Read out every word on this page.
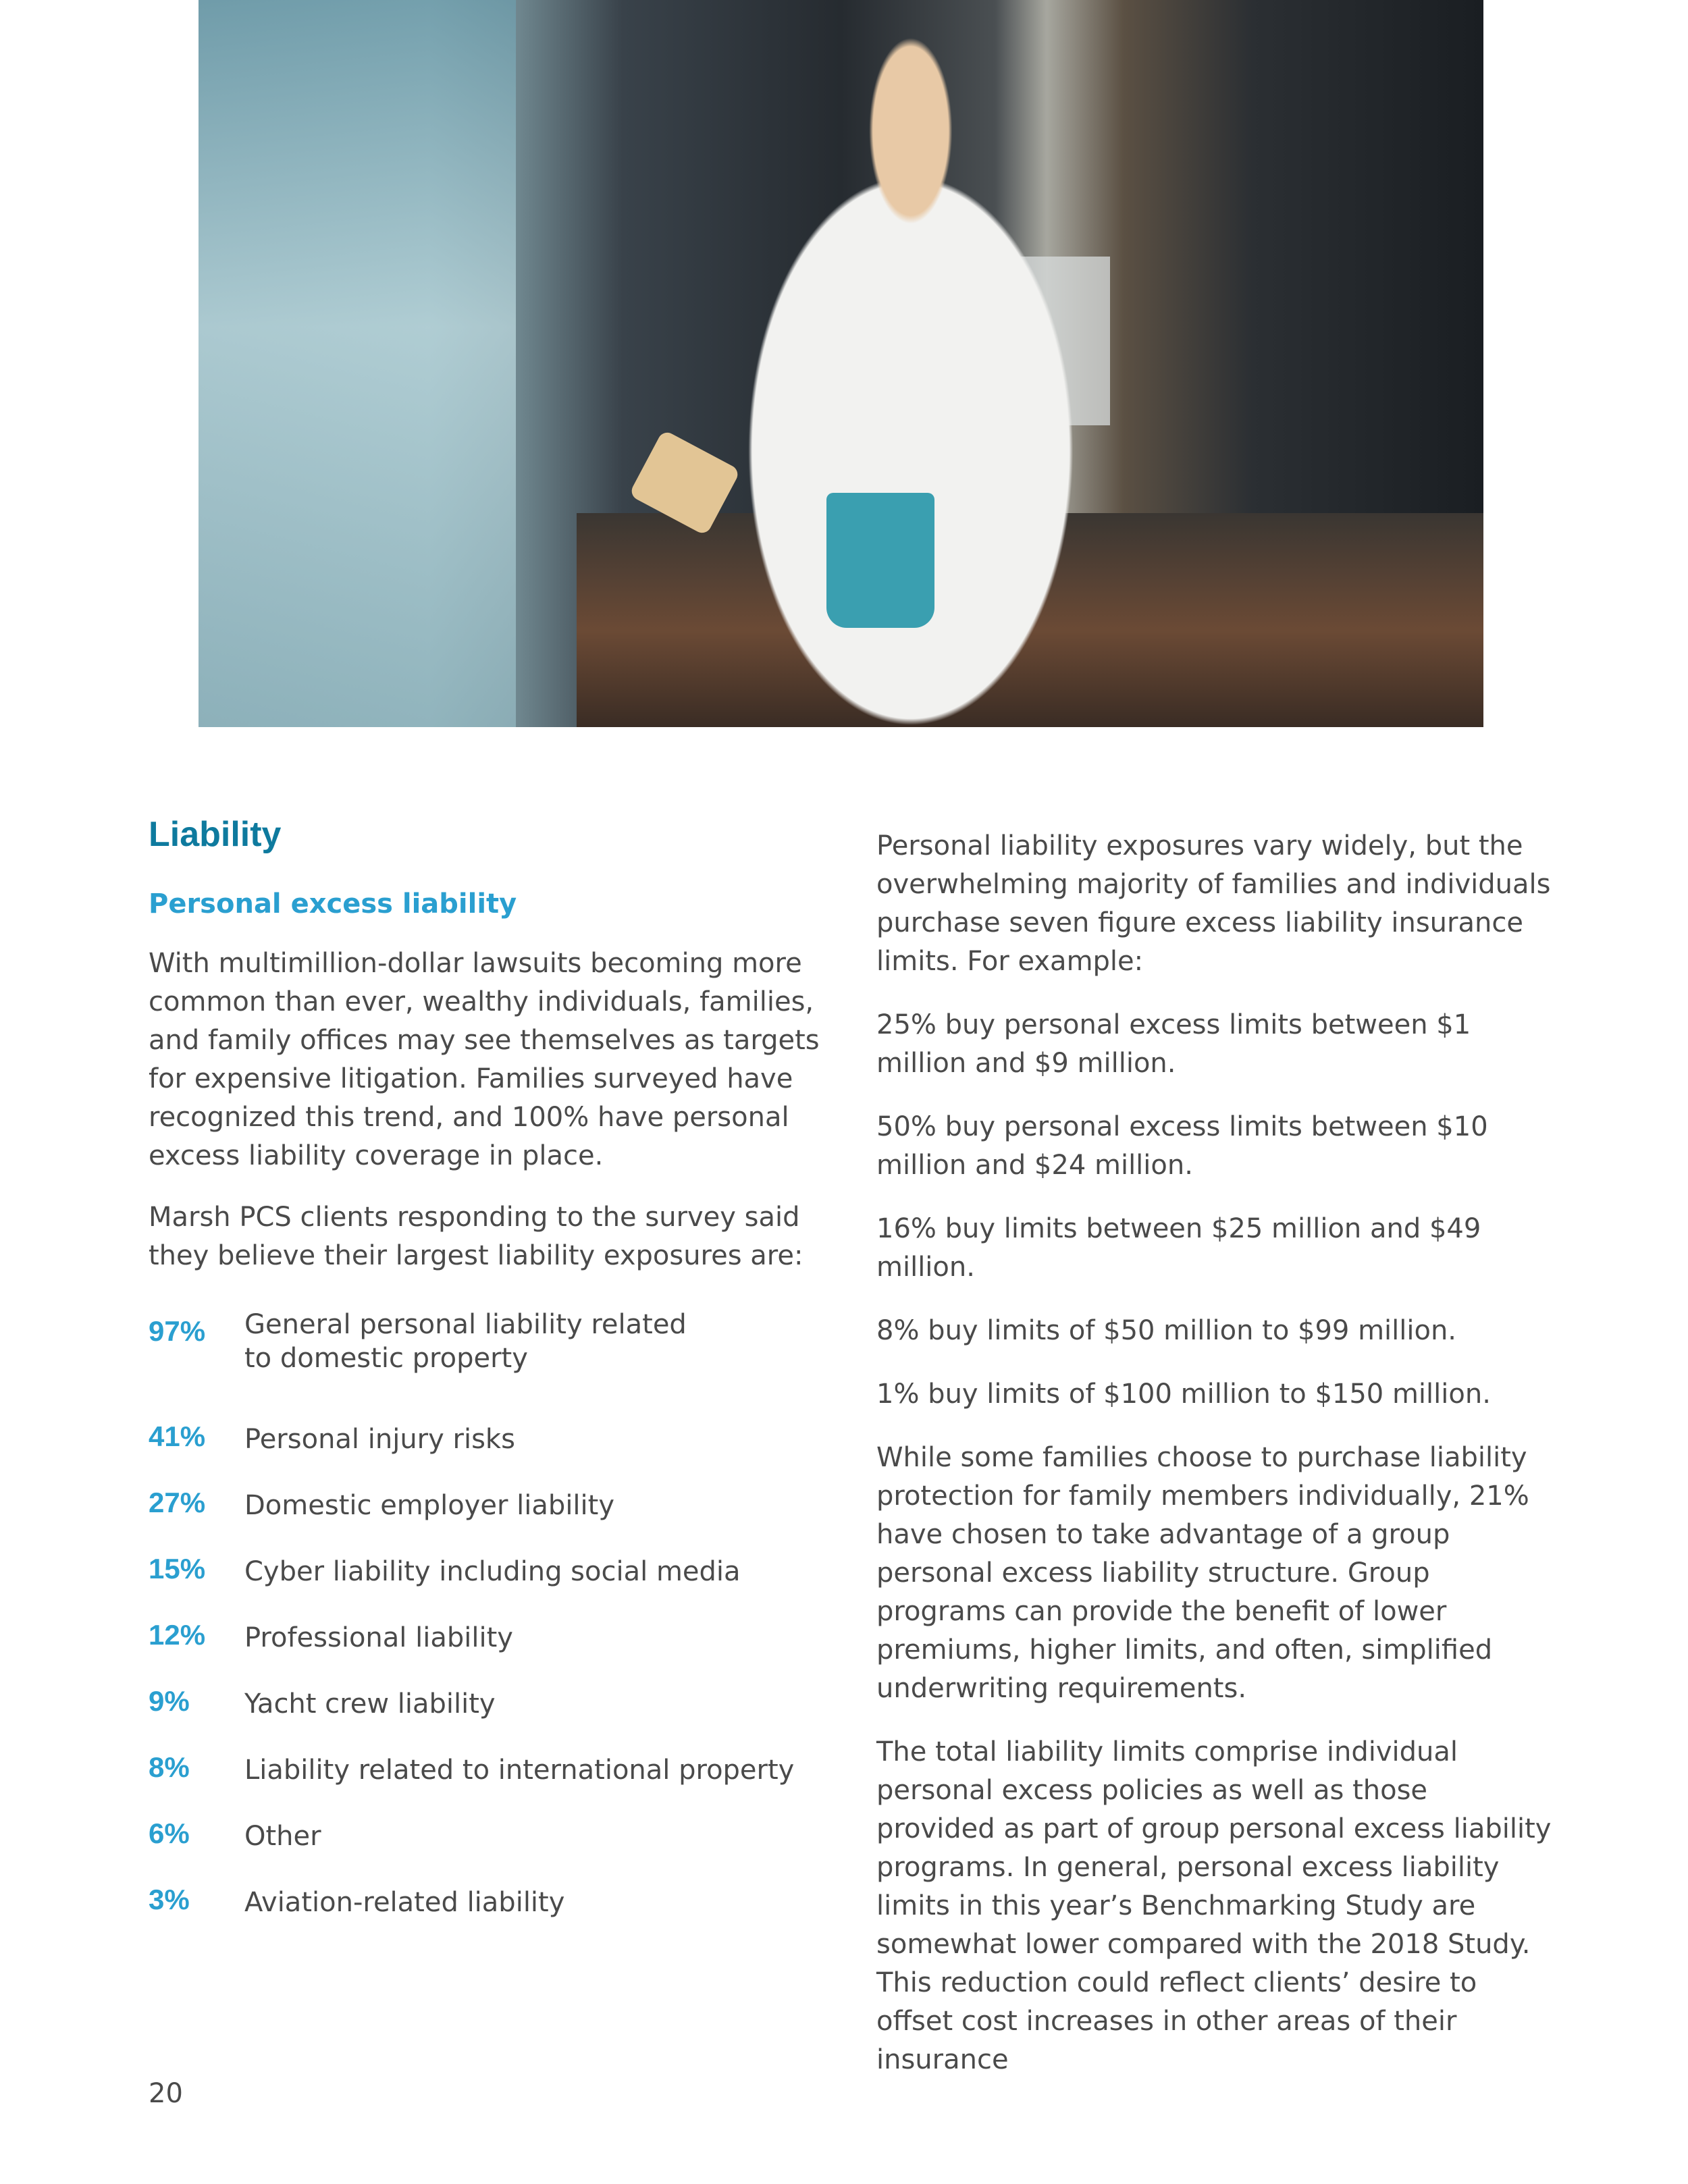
Liability
Personal excess liability

With multimillion-dollar lawsuits becoming more common than ever, wealthy individuals, families, and family offices may see themselves as targets for expensive litigation. Families surveyed have recognized this trend, and 100% have personal excess liability coverage in place.

Marsh PCS clients responding to the survey said they believe their largest liability exposures are:

97%	General personal liability related to domestic property
41%	Personal injury risks
27%	Domestic employer liability
15%	Cyber liability including social media
12%	Professional liability
9%	Yacht crew liability
8%	Liability related to international property
6%	Other
3%	Aviation-related liability

Personal liability exposures vary widely, but the overwhelming majority of families and individuals purchase seven figure excess liability insurance limits. For example:

25% buy personal excess limits between $1 million and $9 million.

50% buy personal excess limits between $10 million and $24 million.

16% buy limits between $25 million and $49 million.

8% buy limits of $50 million to $99 million.

1% buy limits of $100 million to $150 million.

While some families choose to purchase liability protection for family members individually, 21% have chosen to take advantage of a group personal excess liability structure. Group programs can provide the benefit of lower premiums, higher limits, and often, simplified underwriting requirements.

The total liability limits comprise individual personal excess policies as well as those provided as part of group personal excess liability programs. In general, personal excess liability limits in this year’s Benchmarking Study are somewhat lower compared with the 2018 Study. This reduction could reflect clients’ desire to offset cost increases in other areas of their insurance

20
